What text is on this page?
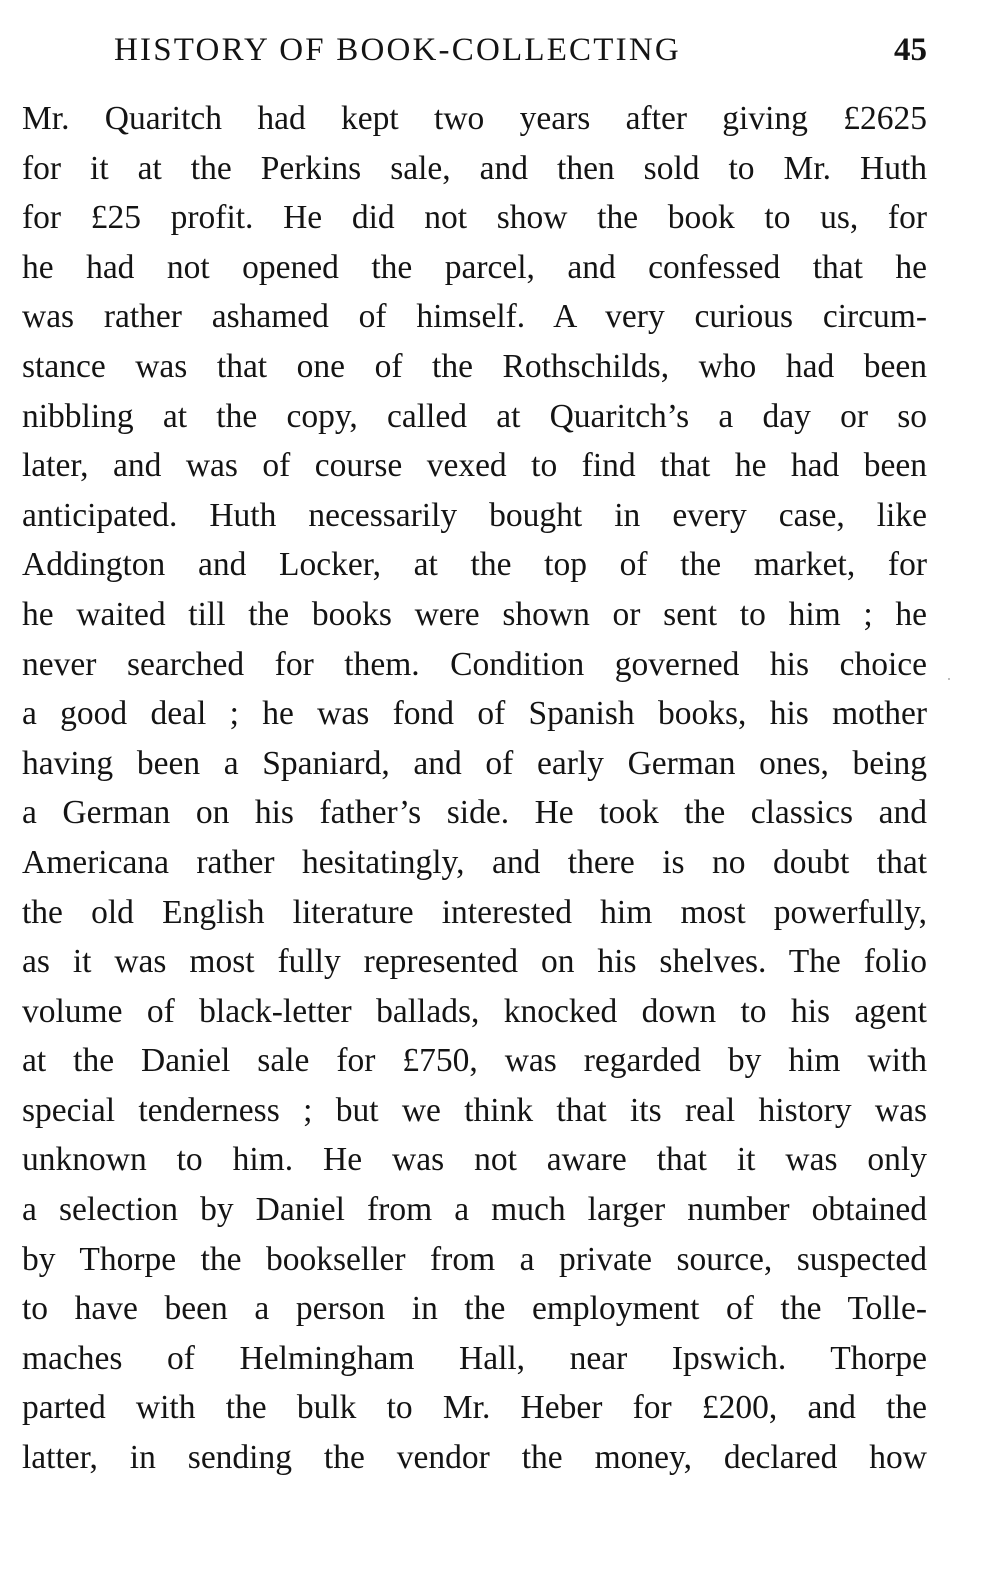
HISTORY OF BOOK-COLLECTING	45
Mr. Quaritch had kept two years after giving £2625
for it at the Perkins sale, and then sold to Mr. Huth
for £25 profit. He did not show the book to us, for
he had not opened the parcel, and confessed that he
was rather ashamed of himself. A very curious circum-
stance was that one of the Rothschilds, who had been
nibbling at the copy, called at Quaritch’s a day or so
later, and was of course vexed to find that he had been
anticipated. Huth necessarily bought in every case, like
Addington and Locker, at the top of the market, for
he waited till the books were shown or sent to him ; he
never searched for them. Condition governed his choice
a good deal ; he was fond of Spanish books, his mother
having been a Spaniard, and of early German ones, being
a German on his father’s side. He took the classics and
Americana rather hesitatingly, and there is no doubt that
the old English literature interested him most powerfully,
as it was most fully represented on his shelves. The folio
volume of black-letter ballads, knocked down to his agent
at the Daniel sale for £750, was regarded by him with
special tenderness ; but we think that its real history was
unknown to him. He was not aware that it was only
a selection by Daniel from a much larger number obtained
by Thorpe the bookseller from a private source, suspected
to have been a person in the employment of the Tolle-
maches of Helmingham Hall, near Ipswich. Thorpe
parted with the bulk to Mr. Heber for £200, and the
latter, in sending the vendor the money, declared how
